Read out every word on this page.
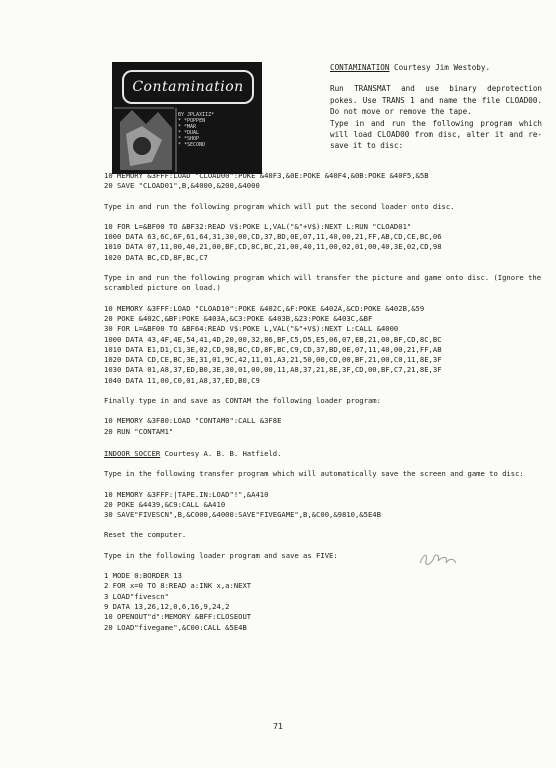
Contamination
BY JPLAXIIZ*
* *POPPEN
* *MAR
* *DUAL
* *SHOP
* *SECOND
CONTAMINATION Courtesy Jim Westoby.
Run TRANSMAT and use binary deprotection pokes. Use TRANS 1 and name the file CLOAD00. Do not move or remove the tape.
Type in and run the following program which will load CLOAD00 from disc, alter it and re-save it to disc:

10 MEMORY &3FFF:LOAD "CLOAD00":POKE &40F3,&0E:POKE &40F4,&0B:POKE &40F5,&5B

20 SAVE "CLOAD01",B,&4000,&200,&4000

Type in and run the following program which will put the second loader onto disc.

10 FOR L=&BF00 TO &BF32:READ V$:POKE L,VAL("&"+V$):NEXT L:RUN "CLOAD01"

1000 DATA 63,6C,6F,61,64,31,30,00,CD,37,BD,0E,07,11,40,00,21,FF,AB,CD,CE,BC,06

1010 DATA 07,11,00,40,21,00,BF,CD,8C,BC,21,00,40,11,00,02,01,00,40,3E,02,CD,98

1020 DATA BC,CD,8F,BC,C7

Type in and run the following program which will transfer the picture and game onto disc. (Ignore the scrambled picture on load.)

10 MEMORY &3FFF:LOAD "CLOAD10":POKE &402C,&F:POKE &402A,&CD:POKE &402B,&59

20 POKE &402C,&BF:POKE &403A,&C3:POKE &403B,&23:POKE &403C,&BF

30 FOR L=&BF00 TO &BF64:READ V$:POKE L,VAL("&"+V$):NEXT L:CALL &4000

1000 DATA 43,4F,4E,54,41,4D,20,00,32,86,BF,C5,D5,E5,06,07,EB,21,00,BF,CD,8C,BC

1010 DATA E1,D1,C1,3E,02,CD,98,BC,CD,8F,BC,C9,CD,37,BD,0E,07,11,40,00,21,FF,AB

1020 DATA CD,CE,BC,3E,31,01,9C,42,11,01,A3,21,50,00,CD,00,BF,21,00,C0,11,8E,3F

1030 DATA 01,A8,37,ED,B0,3E,30,01,00,00,11,A8,37,21,8E,3F,CD,00,BF,C7,21,8E,3F

1040 DATA 11,00,C0,01,A8,37,ED,B0,C9

Finally type in and save as CONTAM the following loader program:

10 MEMORY &3F80:LOAD "CONTAM0":CALL &3F8E

20 RUN "CONTAM1"

INDOOR SOCCER Courtesy A. B. B. Hatfield.

Type in the following transfer program which will automatically save the screen and game to disc:

10 MEMORY &3FFF:|TAPE.IN:LOAD"!",&A410

20 POKE &4439,&C9:CALL &A410

30 SAVE"FIVESCN",B,&C000,&4000:SAVE"FIVEGAME",B,&C00,&9810,&5E4B

Reset the computer.

Type in the following loader program and save as FIVE:

1 MODE 0:BORDER 13

2 FOR x=0 TO 8:READ a:INK x,a:NEXT

3 LOAD"fivescn"

9 DATA 13,26,12,0,6,16,9,24,2

10 OPENOUT"d":MEMORY &BFF:CLOSEOUT

20 LOAD"fivegame",&C00:CALL &5E4B

71
